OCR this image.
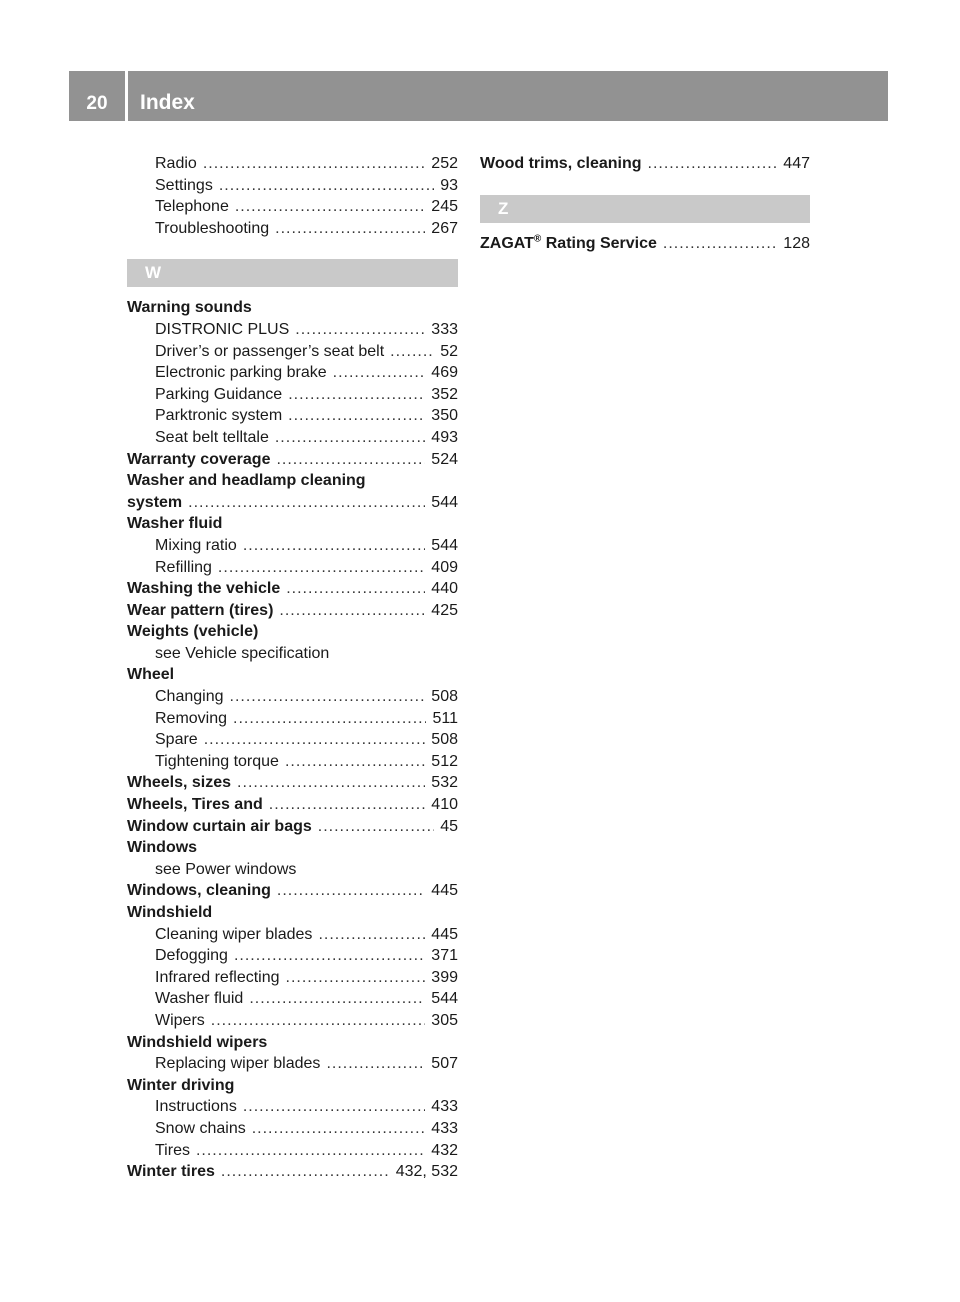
20	Index
Radio .....	252
Settings .....	93
Telephone .....	245
Troubleshooting .....	267
W
Warning sounds
DISTRONIC PLUS .....	333
Driver’s or passenger’s seat belt .....	52
Electronic parking brake .....	469
Parking Guidance .....	352
Parktronic system .....	350
Seat belt telltale .....	493
Warranty coverage .....	524
Washer and headlamp cleaning
system .....	544
Washer fluid
Mixing ratio .....	544
Refilling .....	409
Washing the vehicle .....	440
Wear pattern (tires) .....	425
Weights (vehicle)
see Vehicle specification
Wheel
Changing .....	508
Removing .....	511
Spare .....	508
Tightening torque .....	512
Wheels, sizes .....	532
Wheels, Tires and .....	410
Window curtain air bags .....	45
Windows
see Power windows
Windows, cleaning .....	445
Windshield
Cleaning wiper blades .....	445
Defogging .....	371
Infrared reflecting .....	399
Washer fluid .....	544
Wipers .....	305
Windshield wipers
Replacing wiper blades .....	507
Winter driving
Instructions .....	433
Snow chains .....	433
Tires .....	432
Winter tires .....	432, 532
Wood trims, cleaning .....	447
Z
ZAGAT® Rating Service .....	128
